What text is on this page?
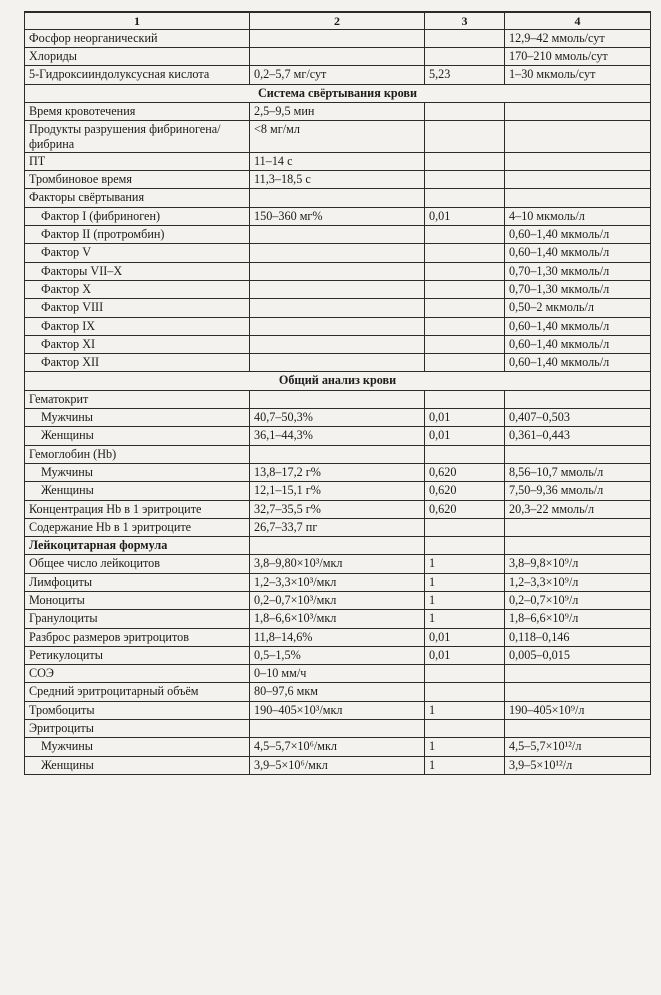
1	2	3	4
Фосфор неорганический			12,9–42 ммоль/сут
Хлориды			170–210 ммоль/сут
5-Гидроксииндолуксусная кислота	0,2–5,7 мг/сут	5,23	1–30 мкмоль/сут
Система свёртывания крови			
Время кровотечения	2,5–9,5 мин		
Продукты разрушения фибриногена/фибрина	<8 мг/мл		
ПТ	11–14 с		
Тромбиновое время	11,3–18,5 с		
Факторы свёртывания			
Фактор I (фибриноген)	150–360 мг%	0,01	4–10 мкмоль/л
Фактор II (протромбин)			0,60–1,40 мкмоль/л
Фактор V			0,60–1,40 мкмоль/л
Факторы VII–X			0,70–1,30 мкмоль/л
Фактор X			0,70–1,30 мкмоль/л
Фактор VIII			0,50–2 мкмоль/л
Фактор IX			0,60–1,40 мкмоль/л
Фактор XI			0,60–1,40 мкмоль/л
Фактор XII			0,60–1,40 мкмоль/л
Общий анализ крови			
Гематокрит			
Мужчины	40,7–50,3%	0,01	0,407–0,503
Женщины	36,1–44,3%	0,01	0,361–0,443
Гемоглобин (Hb)			
Мужчины	13,8–17,2 г%	0,620	8,56–10,7 ммоль/л
Женщины	12,1–15,1 г%	0,620	7,50–9,36 ммоль/л
Концентрация Hb в 1 эритроците	32,7–35,5 г%	0,620	20,3–22 ммоль/л
Содержание Hb в 1 эритроците	26,7–33,7 пг		
Лейкоцитарная формула			
Общее число лейкоцитов	3,8–9,80×10³/мкл	1	3,8–9,8×10⁹/л
Лимфоциты	1,2–3,3×10³/мкл	1	1,2–3,3×10⁹/л
Моноциты	0,2–0,7×10³/мкл	1	0,2–0,7×10⁹/л
Гранулоциты	1,8–6,6×10³/мкл	1	1,8–6,6×10⁹/л
Разброс размеров эритроцитов	11,8–14,6%	0,01	0,118–0,146
Ретикулоциты	0,5–1,5%	0,01	0,005–0,015
СОЭ	0–10 мм/ч		
Средний эритроцитарный объём	80–97,6 мкм		
Тромбоциты	190–405×10³/мкл	1	190–405×10⁹/л
Эритроциты			
Мужчины	4,5–5,7×10⁶/мкл	1	4,5–5,7×10¹²/л
Женщины	3,9–5×10⁶/мкл	1	3,9–5×10¹²/л
